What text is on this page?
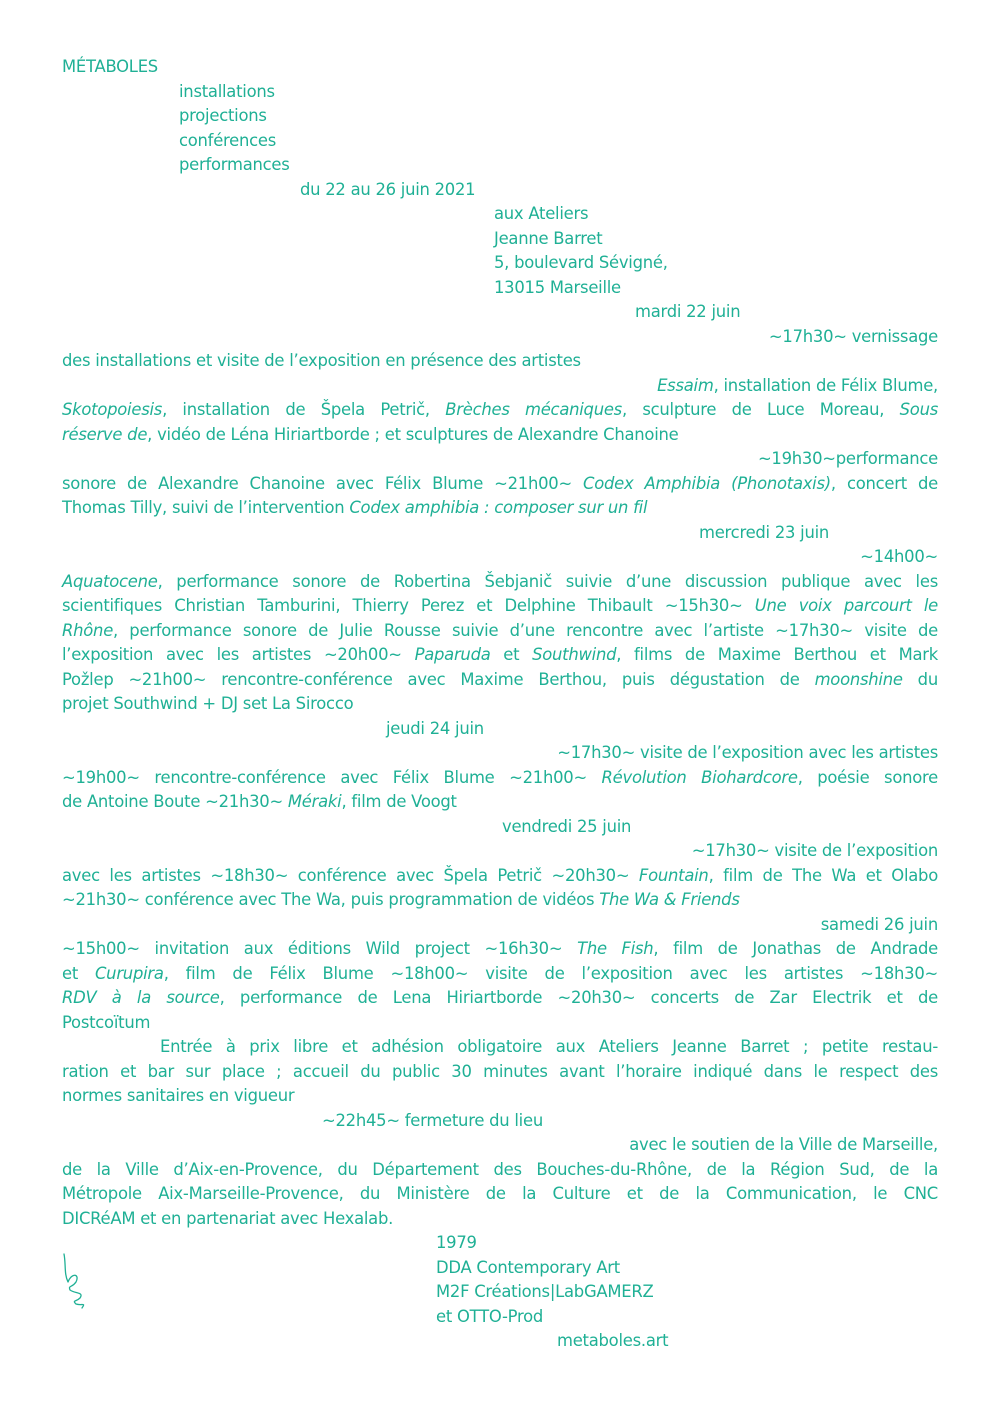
MÉTABOLES

installations

projections

conférences

performances

du 22 au 26 juin 2021

aux Ateliers

Jeanne Barret

5, boulevard Sévigné,

13015 Marseille

mardi 22 juin

~17h30~ vernissage

des installations et visite de l’exposition en présence des artistes

Essaim, installation de Félix Blume,

Skotopoiesis, installation de Špela Petrič, Brèches mécaniques, sculpture de Luce Moreau, Sous

réserve de, vidéo de Léna Hiriartborde ; et sculptures de Alexandre Chanoine

~19h30~performance

sonore de Alexandre Chanoine avec Félix Blume ~21h00~ Codex Amphibia (Phonotaxis), concert de

Thomas Tilly, suivi de l’intervention Codex amphibia : composer sur un fil

mercredi 23 juin

~14h00~

Aquatocene, performance sonore de Robertina Šebjanič suivie d’une discussion publique avec les

scientifiques Christian Tamburini, Thierry Perez et Delphine Thibault ~15h30~ Une voix parcourt le

Rhône, performance sonore de Julie Rousse suivie d’une rencontre avec l’artiste ~17h30~ visite de

l’exposition avec les artistes ~20h00~ Paparuda et Southwind, films de Maxime Berthou et Mark

Požlep ~21h00~ rencontre-conférence avec Maxime Berthou, puis dégustation de moonshine du

projet Southwind + DJ set La Sirocco

jeudi 24 juin

~17h30~ visite de l’exposition avec les artistes

~19h00~ rencontre-conférence avec Félix Blume ~21h00~ Révolution Biohardcore, poésie sonore

de Antoine Boute ~21h30~ Méraki, film de Voogt

vendredi 25 juin

~17h30~ visite de l’exposition

avec les artistes ~18h30~ conférence avec Špela Petrič ~20h30~ Fountain, film de The Wa et Olabo

~21h30~ conférence avec The Wa, puis programmation de vidéos The Wa & Friends

samedi 26 juin

~15h00~ invitation aux éditions Wild project ~16h30~ The Fish, film de Jonathas de Andrade

et Curupira, film de Félix Blume ~18h00~ visite de l’exposition avec les artistes ~18h30~

RDV à la source, performance de Lena Hiriartborde ~20h30~ concerts de Zar Electrik et de

Postcoïtum

Entrée à prix libre et adhésion obligatoire aux Ateliers Jeanne Barret ; petite restau-

ration et bar sur place ; accueil du public 30 minutes avant l’horaire indiqué dans le respect des

normes sanitaires en vigueur

~22h45~ fermeture du lieu

avec le soutien de la Ville de Marseille,

de la Ville d’Aix-en-Provence, du Département des Bouches-du-Rhône, de la Région Sud, de la

Métropole Aix-Marseille-Provence, du Ministère de la Culture et de la Communication, le CNC

DICRéAM et en partenariat avec Hexalab.

1979

DDA Contemporary Art

M2F Créations|LabGAMERZ

et OTTO-Prod

metaboles.art
